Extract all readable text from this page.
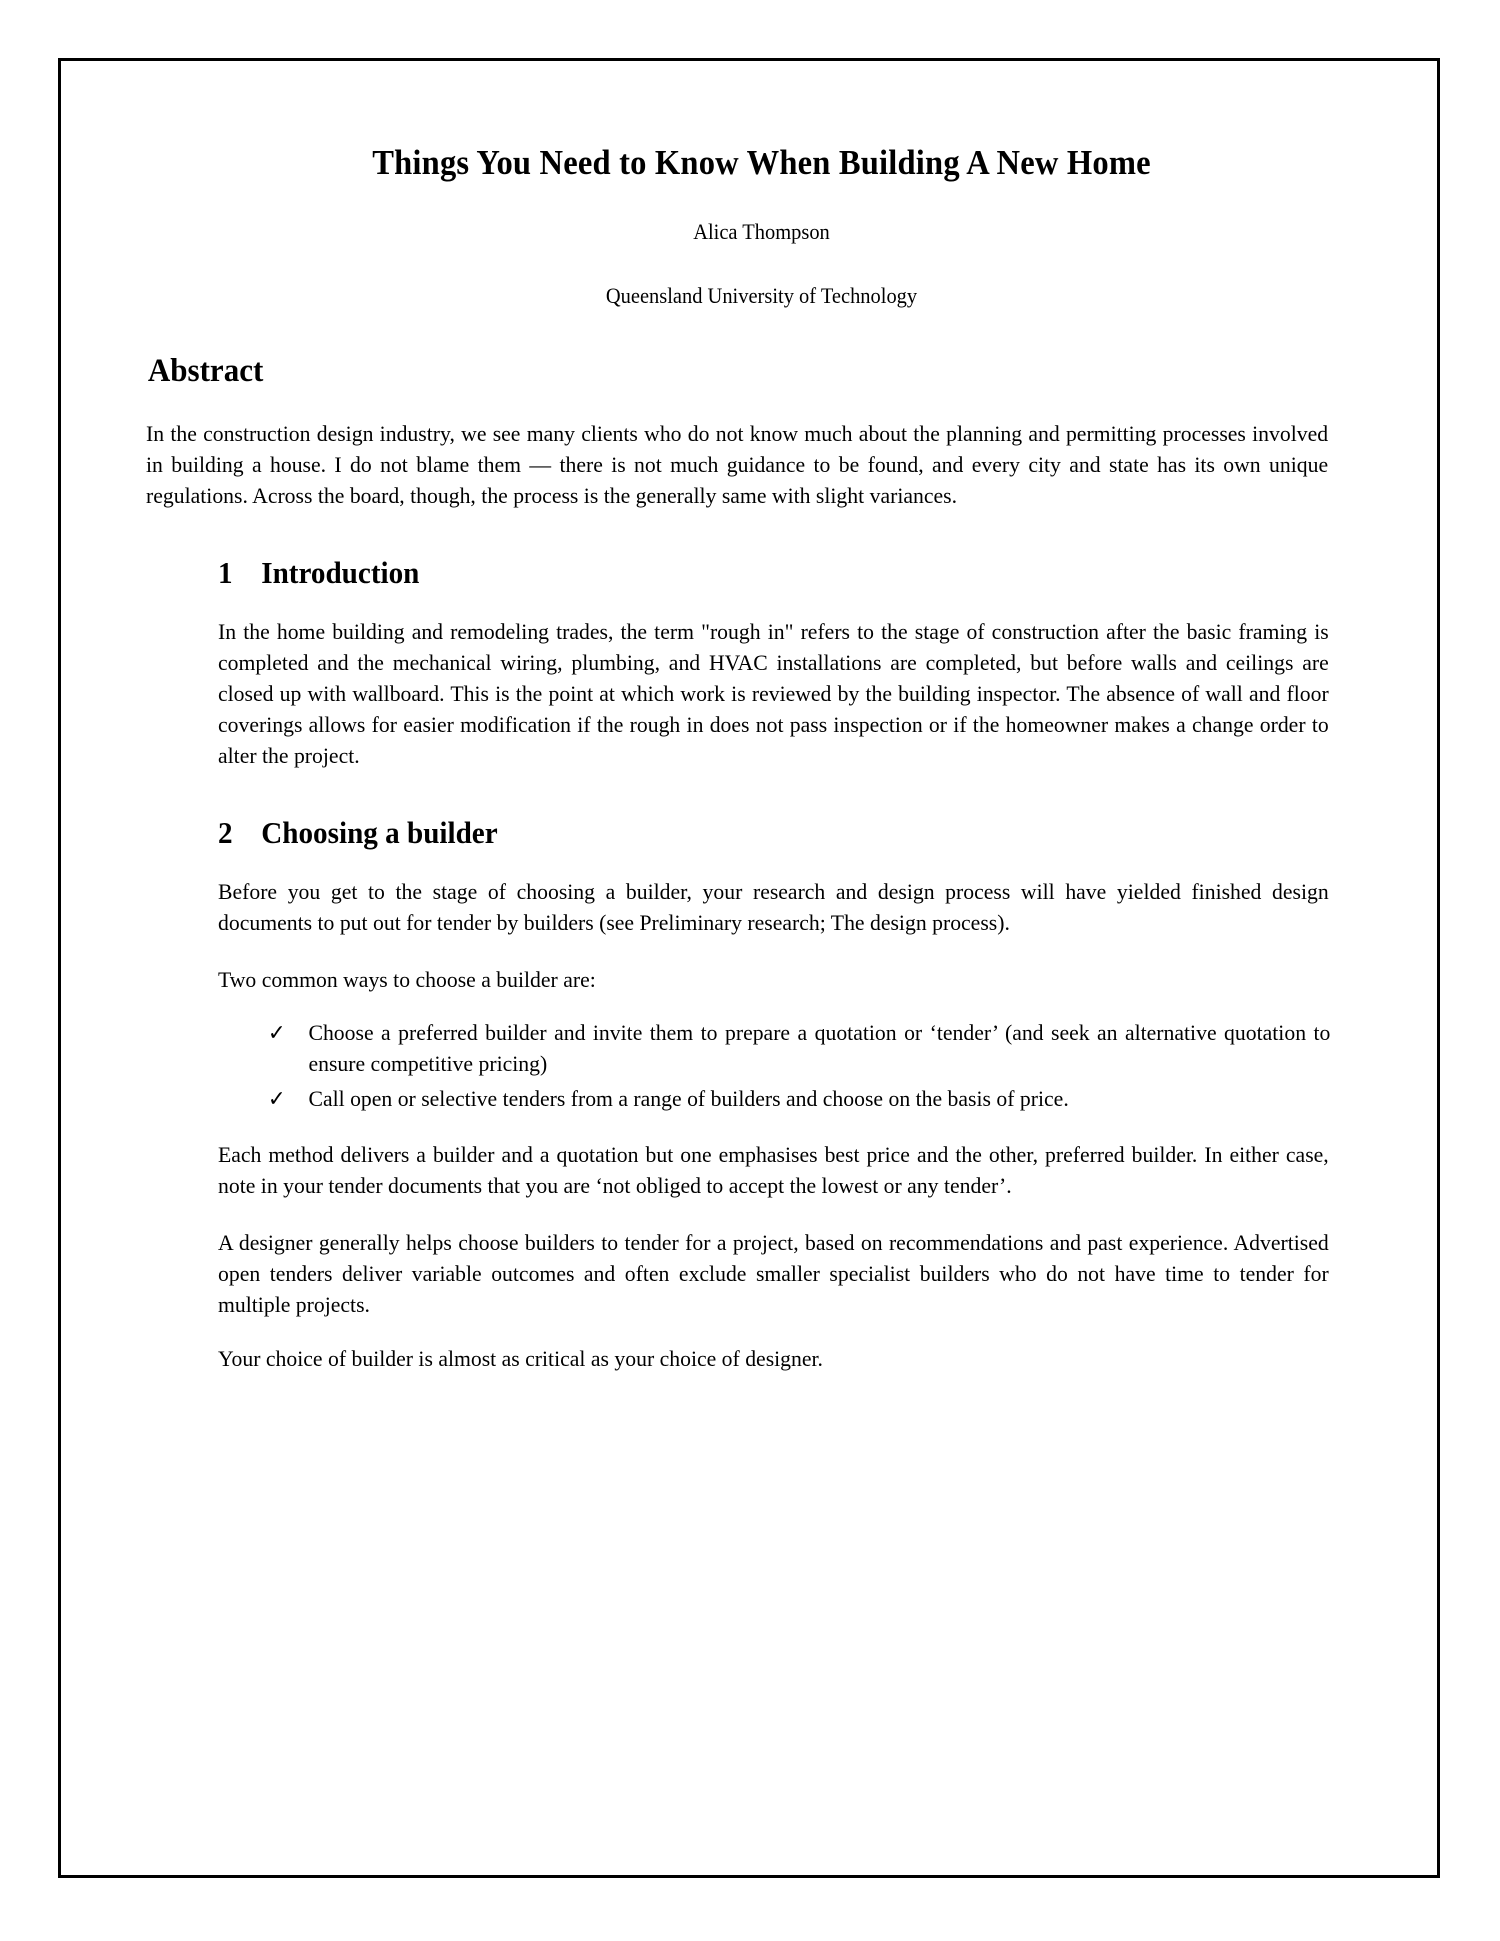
Things You Need to Know When Building A New Home
Alica Thompson
Queensland University of Technology
Abstract

In the construction design industry, we see many clients who do not know much about the planning and permitting processes involved in building a house. I do not blame them — there is not much guidance to be found, and every city and state has its own unique regulations. Across the board, though, the process is the generally same with slight variances.

1 Introduction

In the home building and remodeling trades, the term "rough in" refers to the stage of construction after the basic framing is completed and the mechanical wiring, plumbing, and HVAC installations are completed, but before walls and ceilings are closed up with wallboard. This is the point at which work is reviewed by the building inspector. The absence of wall and floor coverings allows for easier modification if the rough in does not pass inspection or if the homeowner makes a change order to alter the project.

2 Choosing a builder

Before you get to the stage of choosing a builder, your research and design process will have yielded finished design documents to put out for tender by builders (see Preliminary research; The design process).

Two common ways to choose a builder are:

✓ Choose a preferred builder and invite them to prepare a quotation or ‘tender’ (and seek an alternative quotation to ensure competitive pricing)
✓ Call open or selective tenders from a range of builders and choose on the basis of price.

Each method delivers a builder and a quotation but one emphasises best price and the other, preferred builder. In either case, note in your tender documents that you are ‘not obliged to accept the lowest or any tender’.

A designer generally helps choose builders to tender for a project, based on recommendations and past experience. Advertised open tenders deliver variable outcomes and often exclude smaller specialist builders who do not have time to tender for multiple projects.

Your choice of builder is almost as critical as your choice of designer.
